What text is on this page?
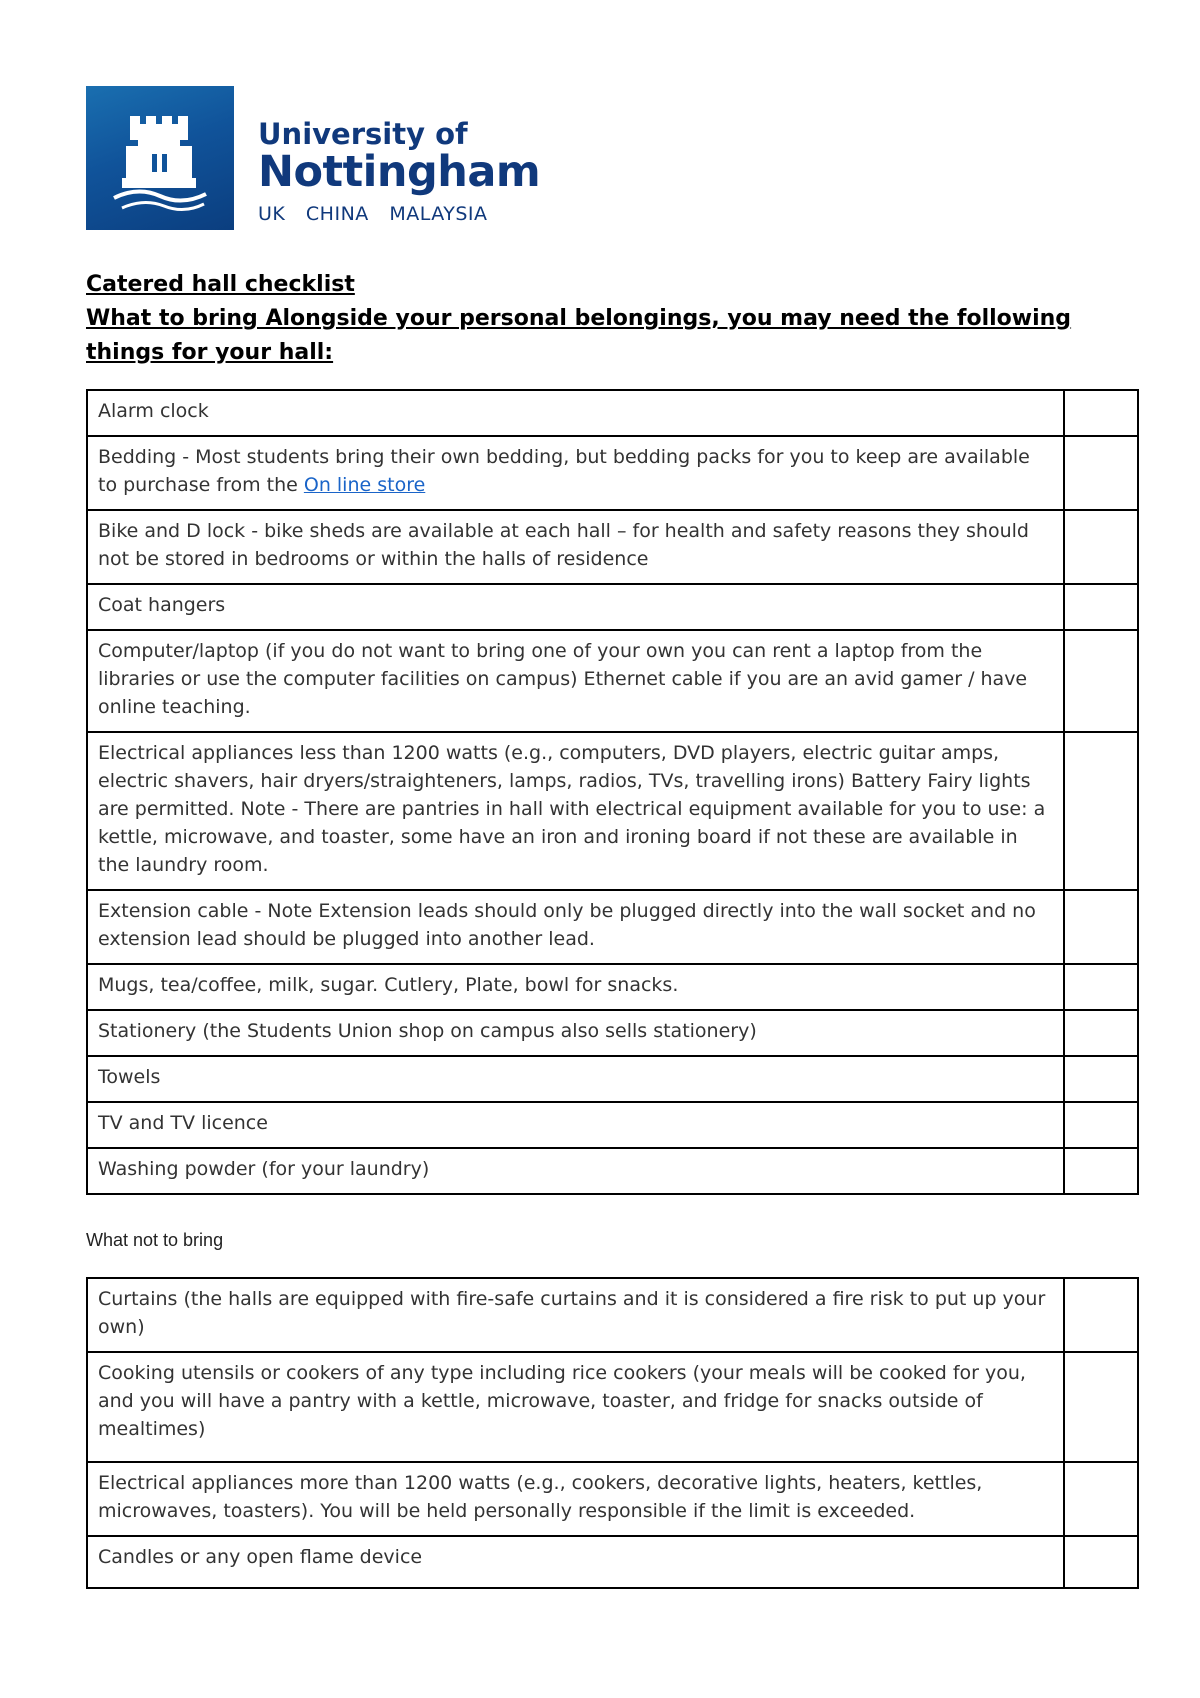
University of
Nottingham
UK CHINA MALAYSIA
Catered hall checklist
What to bring Alongside your personal belongings, you may need the following things for your hall:
Alarm clock	
Bedding - Most students bring their own bedding, but bedding packs for you to keep are available to purchase from the On line store	
Bike and D lock - bike sheds are available at each hall – for health and safety reasons they should not be stored in bedrooms or within the halls of residence	
Coat hangers	
Computer/laptop (if you do not want to bring one of your own you can rent a laptop from the libraries or use the computer facilities on campus) Ethernet cable if you are an avid gamer / have online teaching.	
Electrical appliances less than 1200 watts (e.g., computers, DVD players, electric guitar amps, electric shavers, hair dryers/straighteners, lamps, radios, TVs, travelling irons) Battery Fairy lights are permitted. Note - There are pantries in hall with electrical equipment available for you to use: a kettle, microwave, and toaster, some have an iron and ironing board if not these are available in the laundry room.	
Extension cable - Note Extension leads should only be plugged directly into the wall socket and no extension lead should be plugged into another lead.	
Mugs, tea/coffee, milk, sugar. Cutlery, Plate, bowl for snacks.	
Stationery (the Students Union shop on campus also sells stationery)	
Towels	
TV and TV licence	
Washing powder (for your laundry)	
What not to bring
Curtains (the halls are equipped with fire-safe curtains and it is considered a fire risk to put up your own)	
Cooking utensils or cookers of any type including rice cookers (your meals will be cooked for you, and you will have a pantry with a kettle, microwave, toaster, and fridge for snacks outside of mealtimes)	
Electrical appliances more than 1200 watts (e.g., cookers, decorative lights, heaters, kettles, microwaves, toasters). You will be held personally responsible if the limit is exceeded.	
Candles or any open flame device	
